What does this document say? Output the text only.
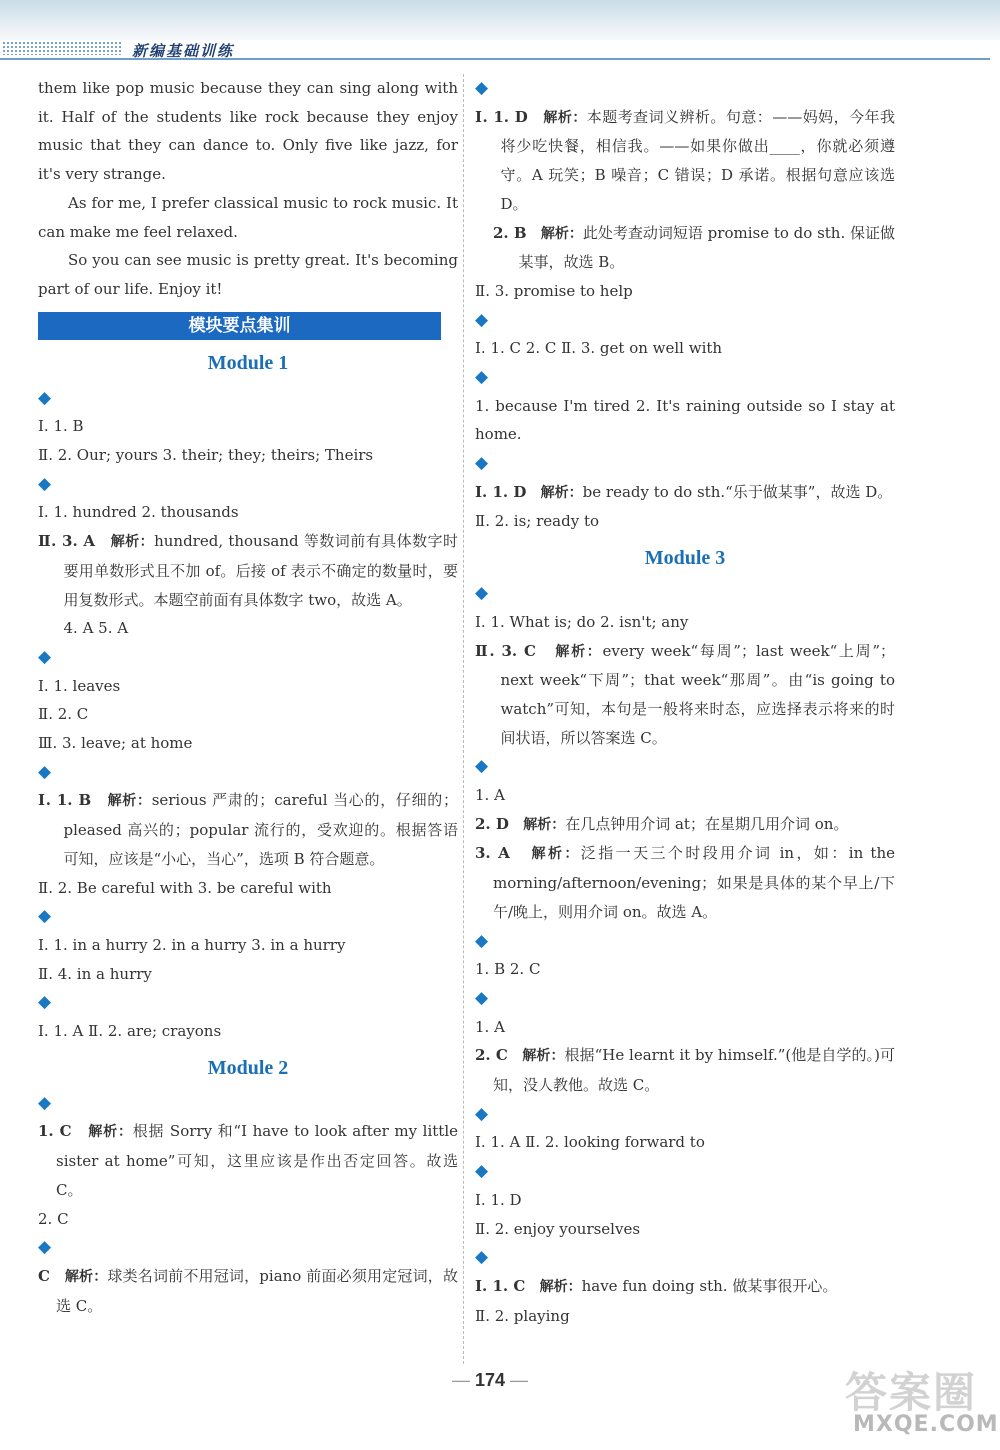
新编基础训练

them like pop music because they can sing along with it. Half of the students like rock because they enjoy music that they can dance to. Only five like jazz, for it's very strange.

As for me, I prefer classical music to rock music. It can make me feel relaxed.

So you can see music is pretty great. It's becoming part of our life. Enjoy it!

模块要点集训
Module 1
◆

Ⅰ. 1. B

Ⅱ. 2. Our; yours 3. their; they; theirs; Theirs

◆

Ⅰ. 1. hundred 2. thousands

Ⅱ. 3. A 解析：hundred, thousand 等数词前有具体数字时要用单数形式且不加 of。后接 of 表示不确定的数量时，要用复数形式。本题空前面有具体数字 two，故选 A。

4. A 5. A

◆

Ⅰ. 1. leaves

Ⅱ. 2. C

Ⅲ. 3. leave; at home

◆

Ⅰ. 1. B 解析：serious 严肃的；careful 当心的，仔细的；pleased 高兴的；popular 流行的，受欢迎的。根据答语可知，应该是“小心，当心”，选项 B 符合题意。

Ⅱ. 2. Be careful with 3. be careful with

◆

Ⅰ. 1. in a hurry 2. in a hurry 3. in a hurry

Ⅱ. 4. in a hurry

◆

Ⅰ. 1. A Ⅱ. 2. are; crayons

Module 2
◆

1. C 解析：根据 Sorry 和“I have to look after my little sister at home”可知，这里应该是作出否定回答。故选 C。

2. C

◆

C 解析：球类名词前不用冠词，piano 前面必须用定冠词，故选 C。

◆

Ⅰ. 1. D 解析：本题考查词义辨析。句意：——妈妈，今年我将少吃快餐，相信我。——如果你做出____，你就必须遵守。A 玩笑；B 噪音；C 错误；D 承诺。根据句意应该选 D。

2. B 解析：此处考查动词短语 promise to do sth. 保证做某事，故选 B。

Ⅱ. 3. promise to help

◆

Ⅰ. 1. C 2. C Ⅱ. 3. get on well with

◆

1. because I'm tired 2. It's raining outside so I stay at home.

◆

Ⅰ. 1. D 解析：be ready to do sth.“乐于做某事”，故选 D。

Ⅱ. 2. is; ready to

Module 3
◆

Ⅰ. 1. What is; do 2. isn't; any

Ⅱ. 3. C 解析：every week“每周”；last week“上周”；next week“下周”；that week“那周”。由“is going to watch”可知，本句是一般将来时态，应选择表示将来的时间状语，所以答案选 C。

◆

1. A

2. D 解析：在几点钟用介词 at；在星期几用介词 on。

3. A 解析：泛指一天三个时段用介词 in，如：in the morning/afternoon/evening；如果是具体的某个早上/下午/晚上，则用介词 on。故选 A。

◆

1. B 2. C

◆

1. A

2. C 解析：根据“He learnt it by himself.”(他是自学的。)可知，没人教他。故选 C。

◆

Ⅰ. 1. A Ⅱ. 2. looking forward to

◆

Ⅰ. 1. D

Ⅱ. 2. enjoy yourselves

◆

Ⅰ. 1. C 解析：have fun doing sth. 做某事很开心。

Ⅱ. 2. playing

— 174 —	答案圈
MXQE.COM
